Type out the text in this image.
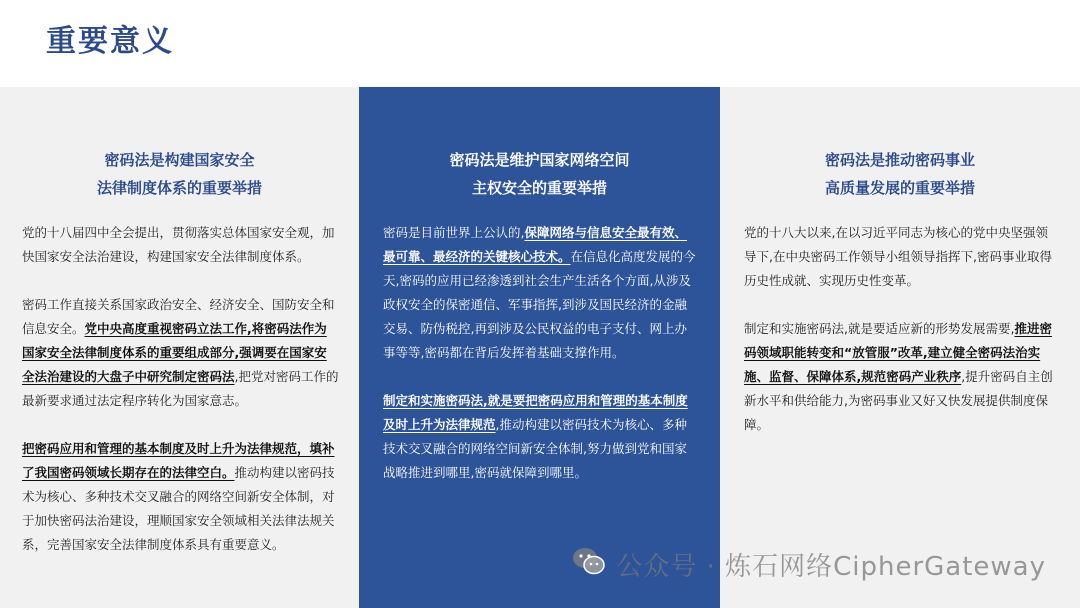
重要意义
密码法是构建国家安全
法律制度体系的重要举措

党的十八届四中全会提出，贯彻落实总体国家安全观，加快国家安全法治建设，构建国家安全法律制度体系。

密码工作直接关系国家政治安全、经济安全、国防安全和信息安全。党中央高度重视密码立法工作,将密码法作为国家安全法律制度体系的重要组成部分,强调要在国家安全法治建设的大盘子中研究制定密码法,把党对密码工作的最新要求通过法定程序转化为国家意志。

把密码应用和管理的基本制度及时上升为法律规范，填补了我国密码领域长期存在的法律空白。推动构建以密码技术为核心、多种技术交叉融合的网络空间新安全体制，对于加快密码法治建设，理顺国家安全领域相关法律法规关系，完善国家安全法律制度体系具有重要意义。

密码法是维护国家网络空间
主权安全的重要举措

密码是目前世界上公认的,保障网络与信息安全最有效、最可靠、最经济的关键核心技术。在信息化高度发展的今天,密码的应用已经渗透到社会生产生活各个方面,从涉及政权安全的保密通信、军事指挥,到涉及国民经济的金融交易、防伪税控,再到涉及公民权益的电子支付、网上办事等等,密码都在背后发挥着基础支撑作用。

制定和实施密码法,就是要把密码应用和管理的基本制度及时上升为法律规范,推动构建以密码技术为核心、多种技术交叉融合的网络空间新安全体制,努力做到党和国家战略推进到哪里,密码就保障到哪里。

密码法是推动密码事业
高质量发展的重要举措

党的十八大以来,在以习近平同志为核心的党中央坚强领导下,在中央密码工作领导小组领导指挥下,密码事业取得历史性成就、实现历史性变革。

制定和实施密码法,就是要适应新的形势发展需要,推进密码领域职能转变和“放管服”改革,建立健全密码法治实施、监督、保障体系,规范密码产业秩序,提升密码自主创新水平和供给能力,为密码事业又好又快发展提供制度保障。

公众号 · 炼石网络CipherGateway
